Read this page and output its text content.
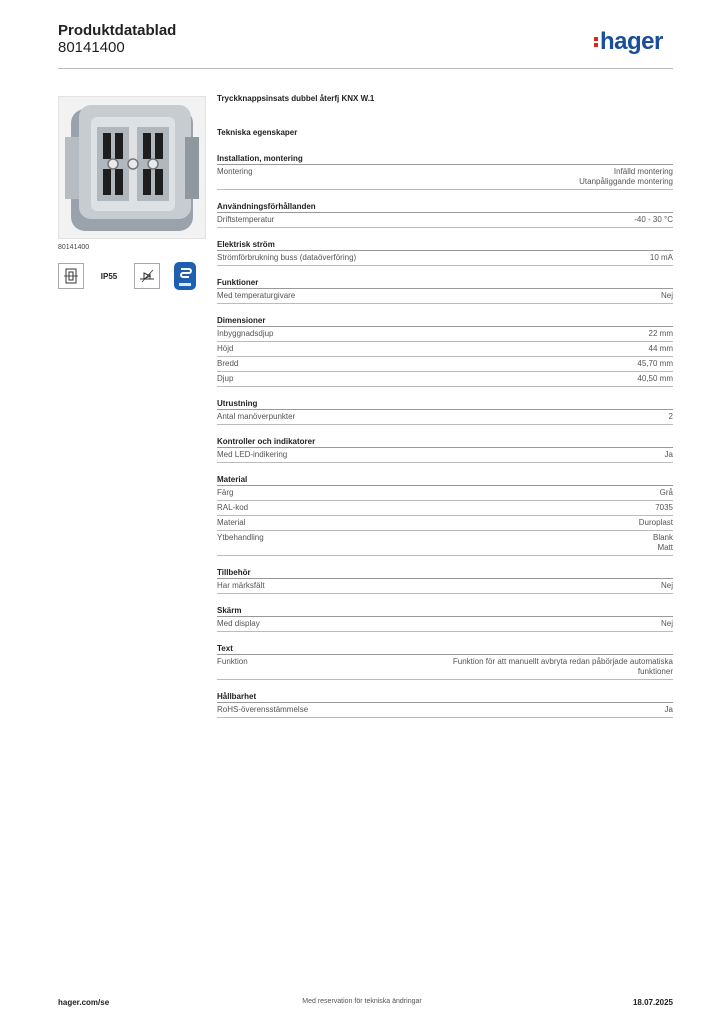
Produktdatablad
80141400	hager
80141400
IP55
Tryckknappsinsats dubbel återfj KNX W.1
Tekniska egenskaper
Installation, montering
Montering	Infälld montering
Utanpåliggande montering
Användningsförhållanden
Driftstemperatur	-40 - 30 °C
Elektrisk ström
Strömförbrukning buss (dataöverföring)	10 mA
Funktioner
Med temperaturgivare	Nej
Dimensioner
Inbyggnadsdjup	22 mm
Höjd	44 mm
Bredd	45,70 mm
Djup	40,50 mm
Utrustning
Antal manöverpunkter	2
Kontroller och indikatorer
Med LED-indikering	Ja
Material
Färg	Grå
RAL-kod	7035
Material	Duroplast
Ytbehandling	Blank
Matt
Tillbehör
Har märksfält	Nej
Skärm
Med display	Nej
Text
Funktion	Funktion för att manuellt avbryta redan påbörjade automatiska
funktioner
Hållbarhet
RoHS-överensstämmelse	Ja
hager.com/se	Med reservation för tekniska ändringar	18.07.2025
